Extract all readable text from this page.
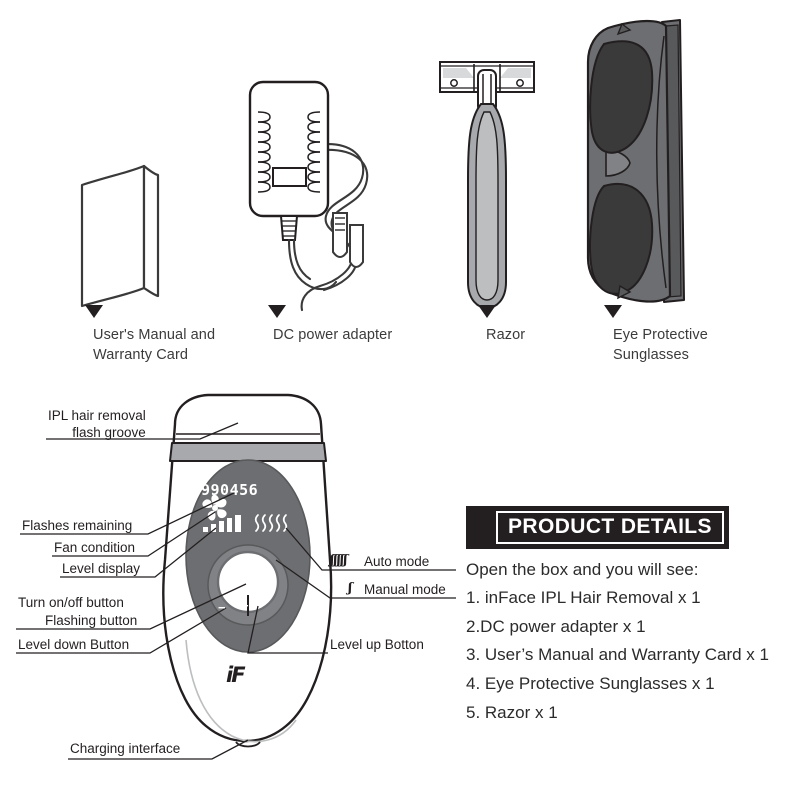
User's Manual and Warranty Card
DC power adapter	Razor	Eye Protective Sunglasses
IPL hair removal
flash groove
Flashes remaining
Fan condition
Level display
Turn on/off button
Flashing button
Level down Button
Charging interface
Auto mode
Manual mode
Level up Botton
ʃʃʃʃʃ
ʃ
990456
− +
iF
PRODUCT DETAILS
Open the box and you will see:
1. inFace IPL Hair Removal x 1
2.DC power adapter x 1
3. User’s Manual and Warranty Card x 1
4. Eye Protective Sunglasses x 1
5. Razor x 1
